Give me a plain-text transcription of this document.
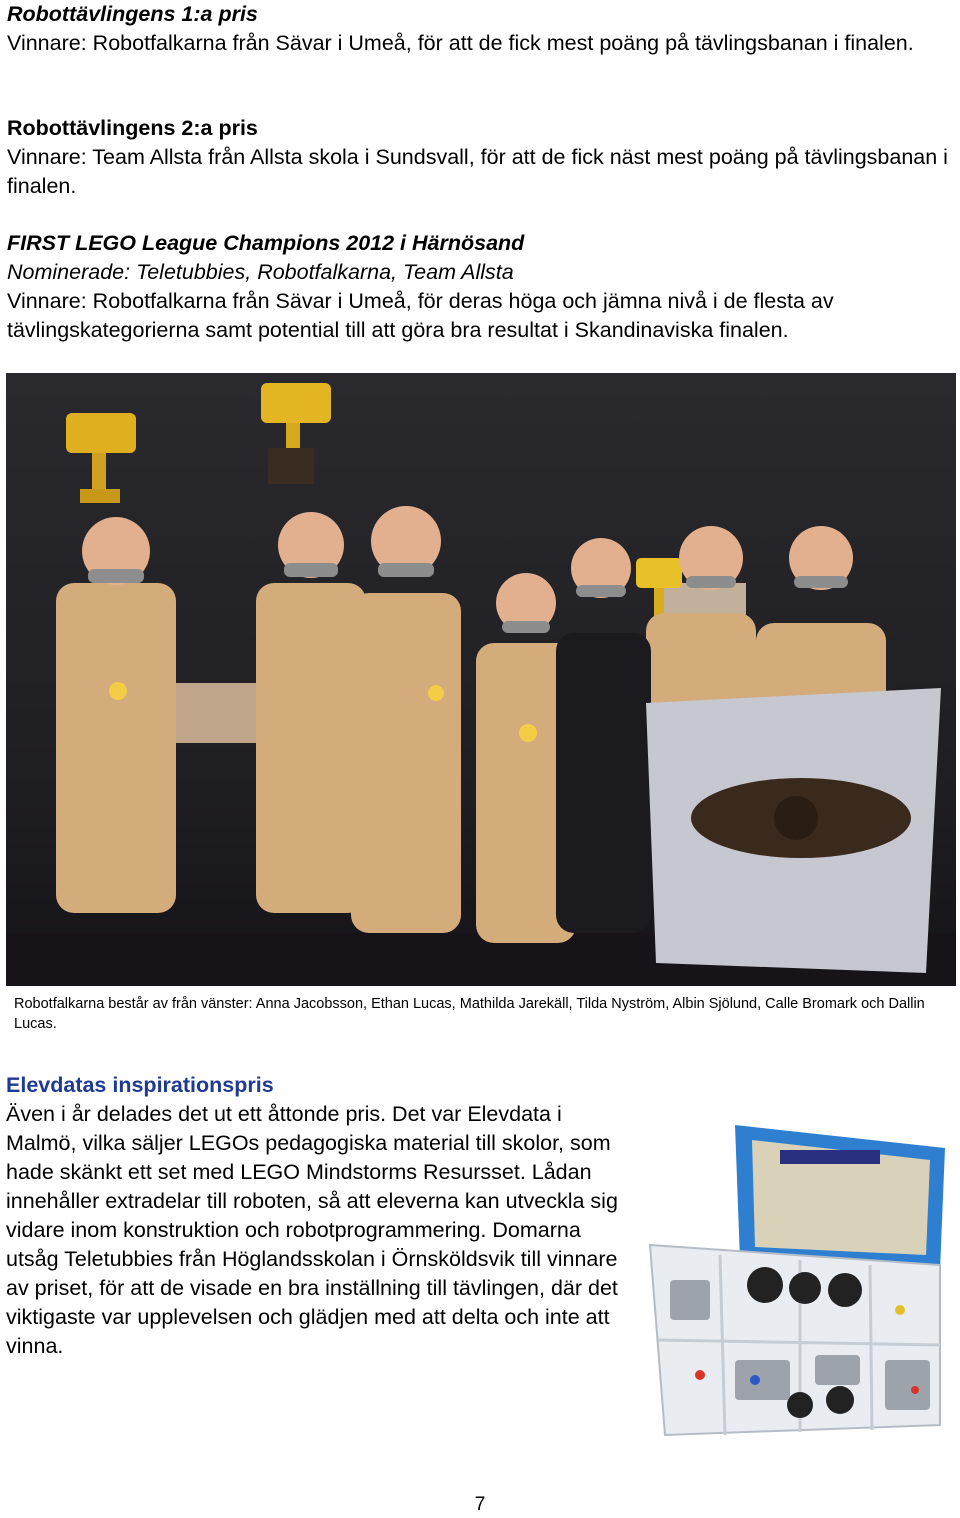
Robottävlingens 1:a pris

Vinnare: Robotfalkarna från Sävar i Umeå, för att de fick mest poäng på tävlingsbanan i finalen.

Robottävlingens 2:a pris

Vinnare: Team Allsta från Allsta skola i Sundsvall, för att de fick näst mest poäng på tävlingsbanan i finalen.

FIRST LEGO League Champions 2012 i Härnösand

Nominerade: Teletubbies, Robotfalkarna, Team Allsta

Vinnare: Robotfalkarna från Sävar i Umeå, för deras höga och jämna nivå i de flesta av tävlingskategorierna samt potential till att göra bra resultat i Skandinaviska finalen.

Robotfalkarna består av från vänster: Anna Jacobsson, Ethan Lucas, Mathilda Jarekäll, Tilda Nyström, Albin Sjölund, Calle Bromark och Dallin Lucas.

Elevdatas inspirationspris

Även i år delades det ut ett åttonde pris. Det var Elevdata i Malmö, vilka säljer LEGOs pedagogiska material till skolor, som hade skänkt ett set med LEGO Mindstorms Resursset. Lådan innehåller extradelar till roboten, så att eleverna kan utveckla sig vidare inom konstruktion och robotprogrammering. Domarna utsåg Teletubbies från Höglandsskolan i Örnsköldsvik till vinnare av priset, för att de visade en bra inställning till tävlingen, där det viktigaste var upplevelsen och glädjen med att delta och inte att vinna.

7
